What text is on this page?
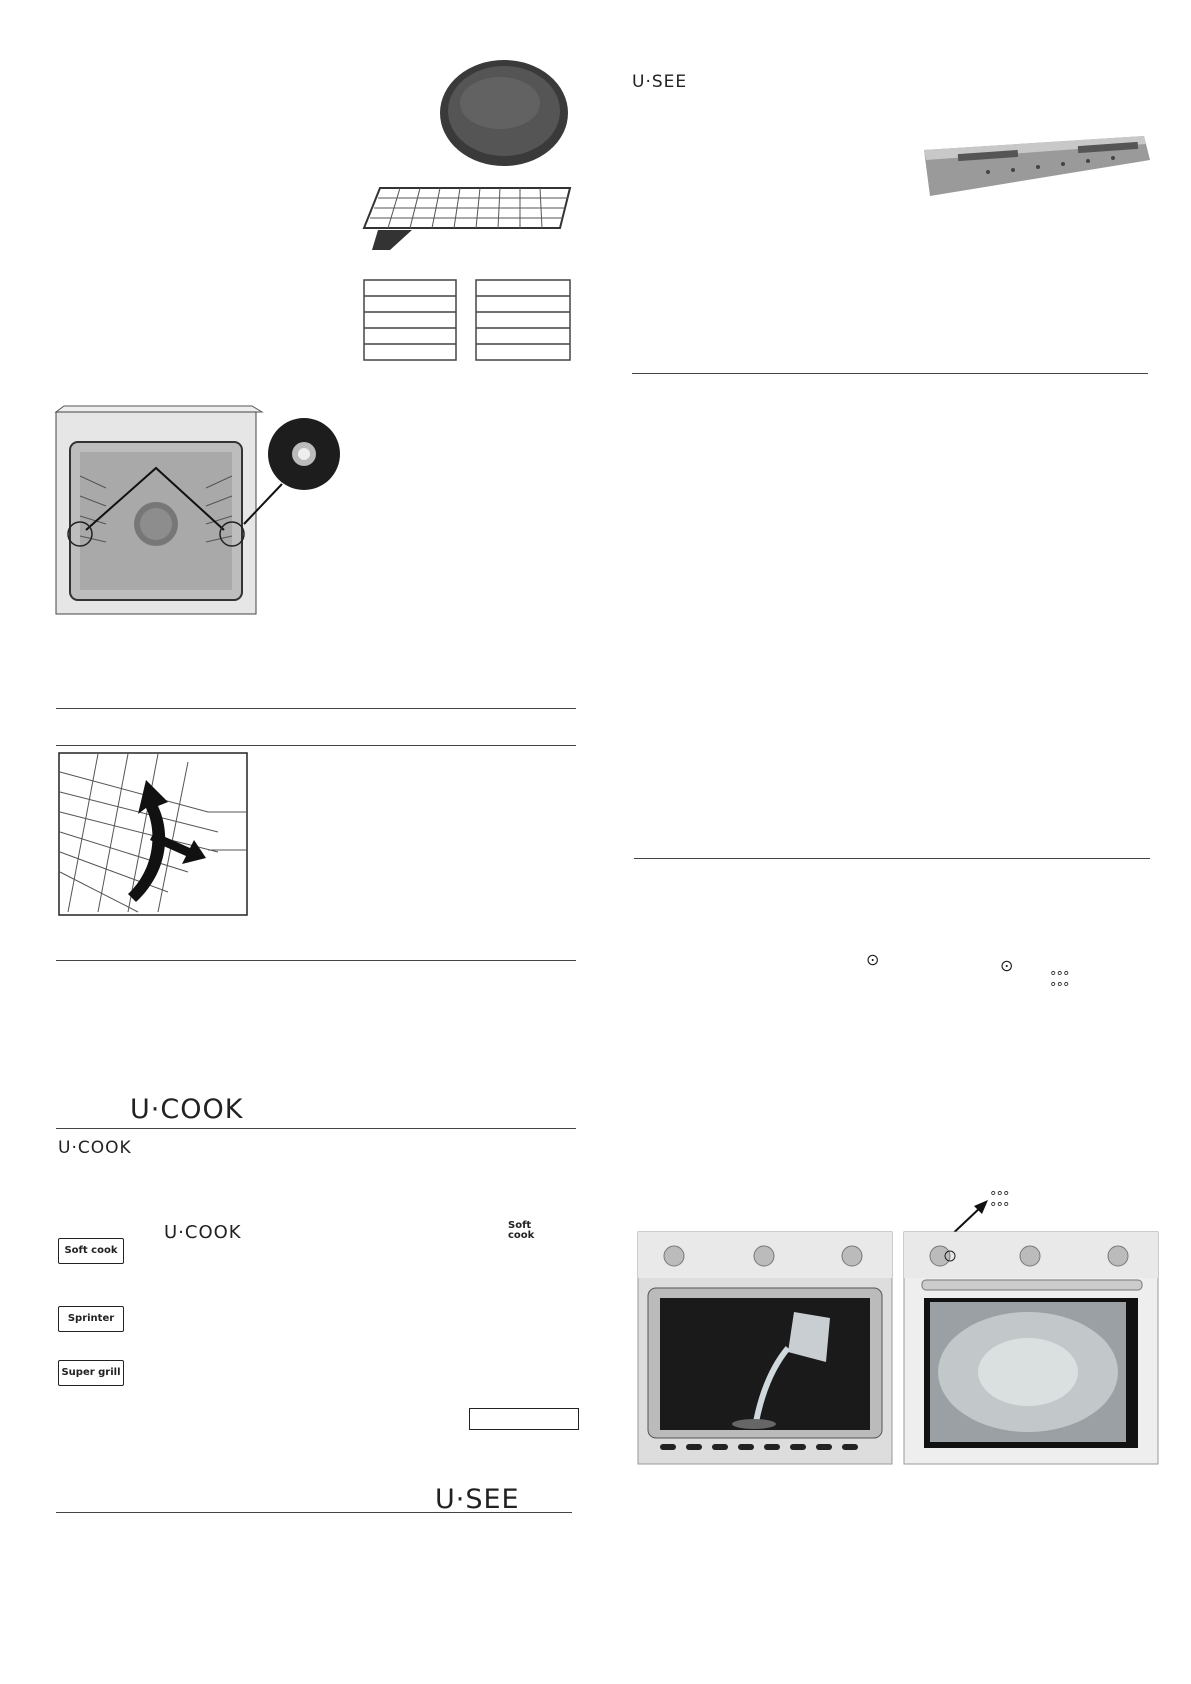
U·COOK
U·COOK
U·COOK	Soft cook
Soft cook
Sprinter
Super grill
U·SEE
U·SEE
⊙	⊙
°°°
°°°
°°°
°°°
